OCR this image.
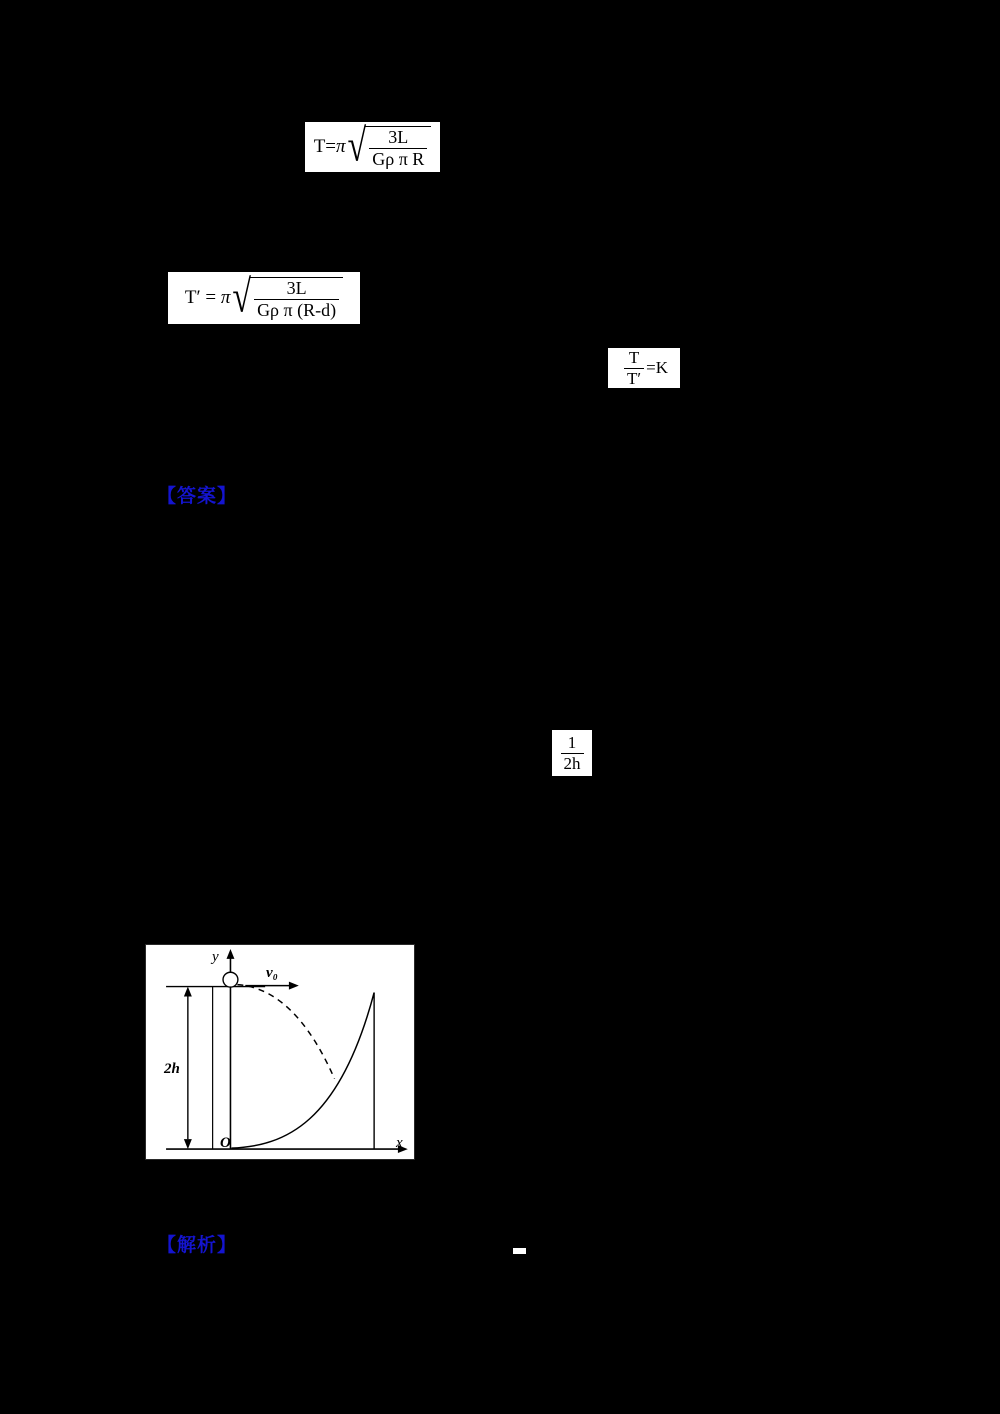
T=π √ $\frac{3L}{\text{Gρ π R}}$
T′ = π √ $\frac{3L}{\text{Gρ π (R-d)}}$
$\frac{T}{T'} =K$
$\frac{1}{2h}$
【答案】
【解析】
y
x
O
v₀
2h
